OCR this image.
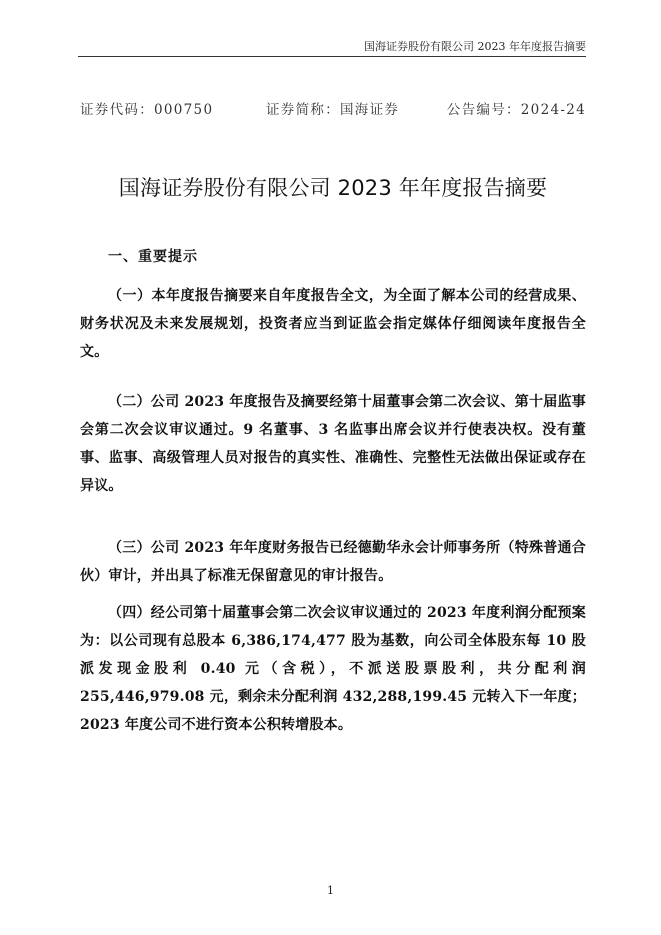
国海证券股份有限公司 2023 年年度报告摘要
证券代码：000750	证券简称：国海证券	公告编号：2024-24
国海证券股份有限公司 2023 年年度报告摘要
一、重要提示

（一）本年度报告摘要来自年度报告全文，为全面了解本公司的经营成果、财务状况及未来发展规划，投资者应当到证监会指定媒体仔细阅读年度报告全文。

（二）公司 2023 年度报告及摘要经第十届董事会第二次会议、第十届监事会第二次会议审议通过。9 名董事、3 名监事出席会议并行使表决权。没有董事、监事、高级管理人员对报告的真实性、准确性、完整性无法做出保证或存在异议。

（三）公司 2023 年年度财务报告已经德勤华永会计师事务所（特殊普通合伙）审计，并出具了标准无保留意见的审计报告。

（四）经公司第十届董事会第二次会议审议通过的 2023 年度利润分配预案为：以公司现有总股本 6,386,174,477 股为基数，向公司全体股东每 10 股派发现金股利 0.40 元（含税），不派送股票股利，共分配利润 255,446,979.08 元，剩余未分配利润 432,288,199.45 元转入下一年度；2023 年度公司不进行资本公积转增股本。

1
